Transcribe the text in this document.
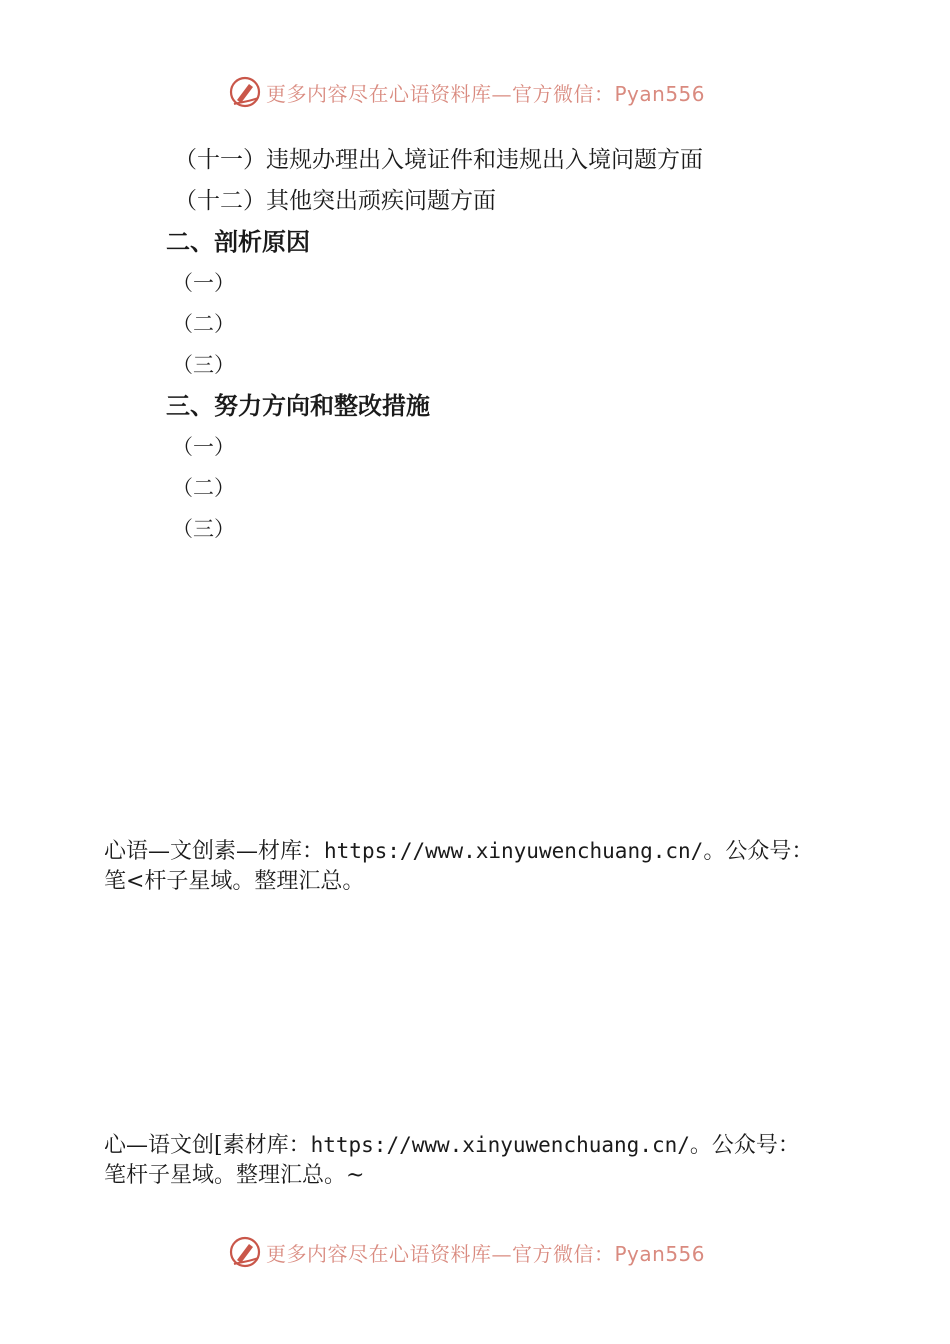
更多内容尽在心语资料库—官方微信：Pyan556
（十一）违规办理出入境证件和违规出入境问题方面
（十二）其他突出顽疾问题方面
二、剖析原因
（一）
（二）
（三）
三、努力方向和整改措施
（一）
（二）
（三）
心语—文创素—材库：https://www.xinyuwenchuang.cn/。公众号：
笔<杆子星域。整理汇总。
心—语文创[素材库：https://www.xinyuwenchuang.cn/。公众号：
笔杆子星域。整理汇总。~
更多内容尽在心语资料库—官方微信：Pyan556
